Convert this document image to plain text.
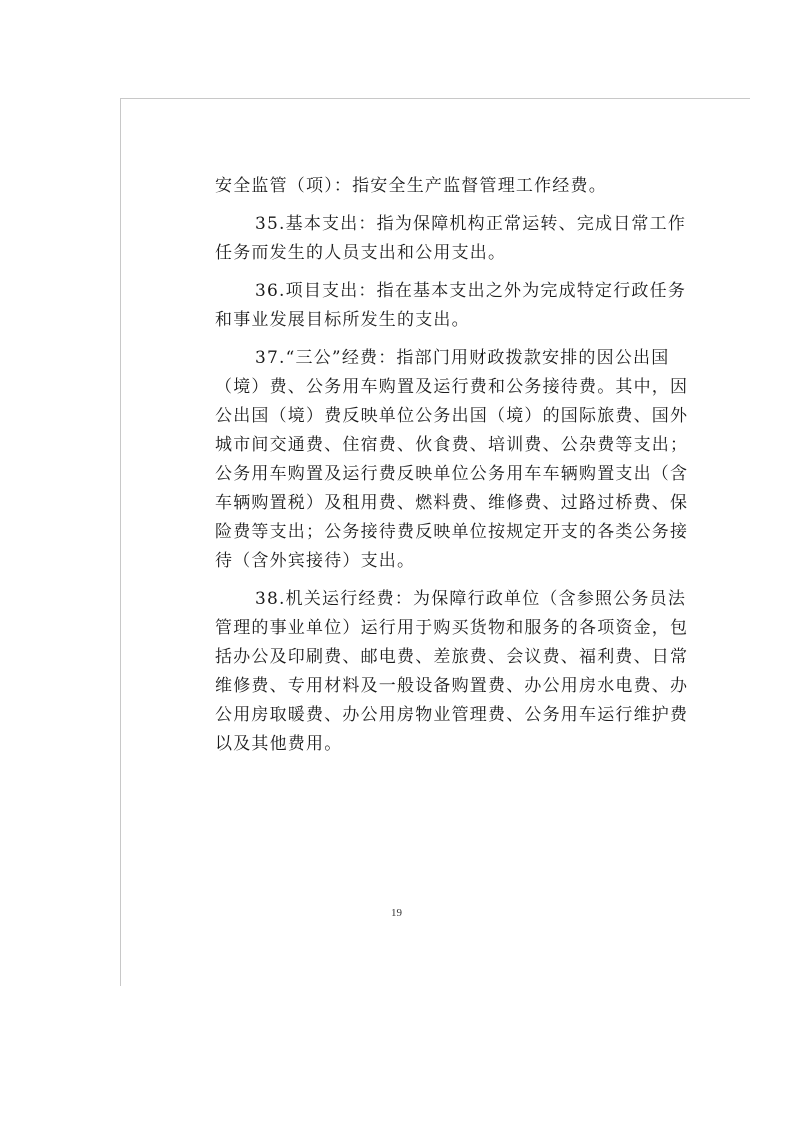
安全监管（项）：指安全生产监督管理工作经费。
35.基本支出：指为保障机构正常运转、完成日常工作
任务而发生的人员支出和公用支出。
36.项目支出：指在基本支出之外为完成特定行政任务
和事业发展目标所发生的支出。
37.“三公”经费：指部门用财政拨款安排的因公出国
（境）费、公务用车购置及运行费和公务接待费。其中，因
公出国（境）费反映单位公务出国（境）的国际旅费、国外
城市间交通费、住宿费、伙食费、培训费、公杂费等支出；
公务用车购置及运行费反映单位公务用车车辆购置支出（含
车辆购置税）及租用费、燃料费、维修费、过路过桥费、保
险费等支出；公务接待费反映单位按规定开支的各类公务接
待（含外宾接待）支出。
38.机关运行经费：为保障行政单位（含参照公务员法
管理的事业单位）运行用于购买货物和服务的各项资金，包
括办公及印刷费、邮电费、差旅费、会议费、福利费、日常
维修费、专用材料及一般设备购置费、办公用房水电费、办
公用房取暖费、办公用房物业管理费、公务用车运行维护费
以及其他费用。
19
